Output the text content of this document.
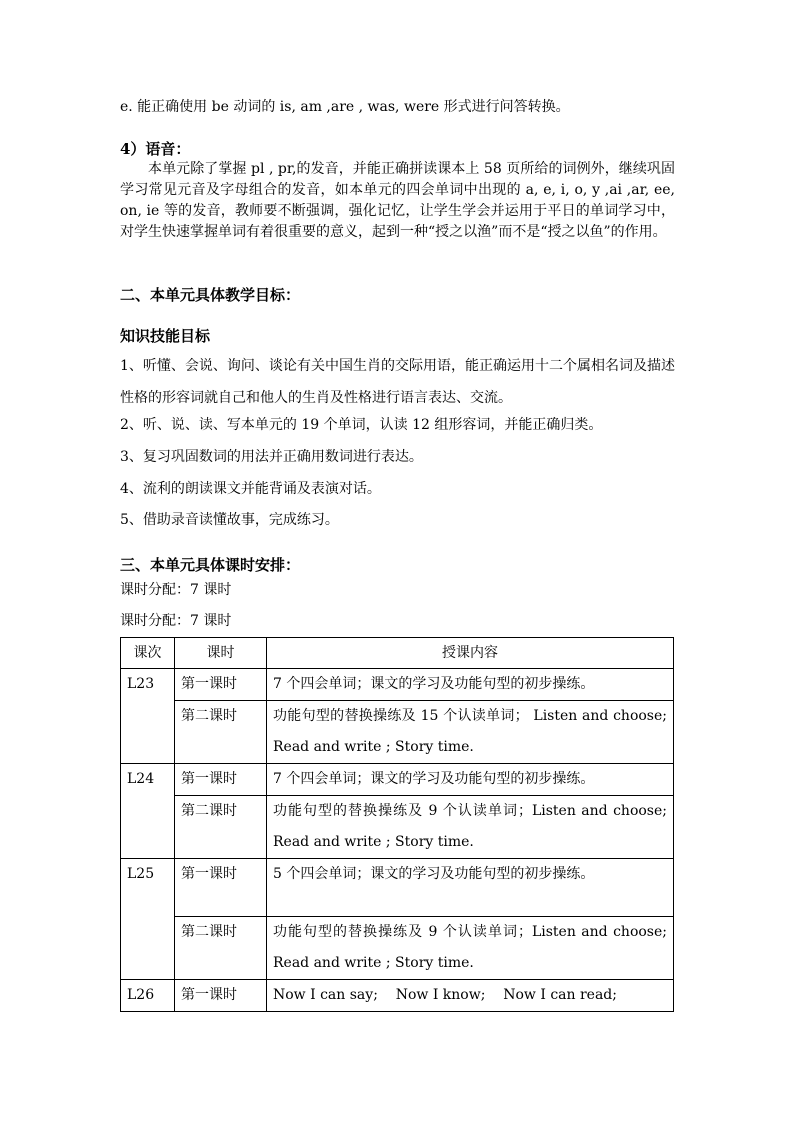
e. 能正确使用 be 动词的 is, am ,are , was, were 形式进行问答转换。
4）语音：
本单元除了掌握 pl , pr,的发音，并能正确拼读课本上 58 页所给的词例外，继续巩固学习常见元音及字母组合的发音，如本单元的四会单词中出现的 a, e, i, o, y ,ai ,ar, ee, on, ie 等的发音，教师要不断强调，强化记忆，让学生学会并运用于平日的单词学习中，对学生快速掌握单词有着很重要的意义，起到一种“授之以渔”而不是“授之以鱼”的作用。
二、本单元具体教学目标：
知识技能目标
1、听懂、会说、询问、谈论有关中国生肖的交际用语，能正确运用十二个属相名词及描述性格的形容词就自己和他人的生肖及性格进行语言表达、交流。
2、听、说、读、写本单元的 19 个单词，认读 12 组形容词，并能正确归类。
3、复习巩固数词的用法并正确用数词进行表达。
4、流利的朗读课文并能背诵及表演对话。
5、借助录音读懂故事，完成练习。
三、本单元具体课时安排：
课时分配：7 课时
课时分配：7 课时
课次	课时	授课内容
L23	第一课时	7 个四会单词；课文的学习及功能句型的初步操练。
	第二课时	功能句型的替换操练及 15 个认读单词； Listen and choose; Read and write ; Story time.
L24	第一课时	7 个四会单词；课文的学习及功能句型的初步操练。
	第二课时	功能句型的替换操练及 9 个认读单词；Listen and choose; Read and write ; Story time.
L25	第一课时	5 个四会单词；课文的学习及功能句型的初步操练。
	第二课时	功能句型的替换操练及 9 个认读单词；Listen and choose; Read and write ; Story time.
L26	第一课时	Now I can say;    Now I know;    Now I can read;
